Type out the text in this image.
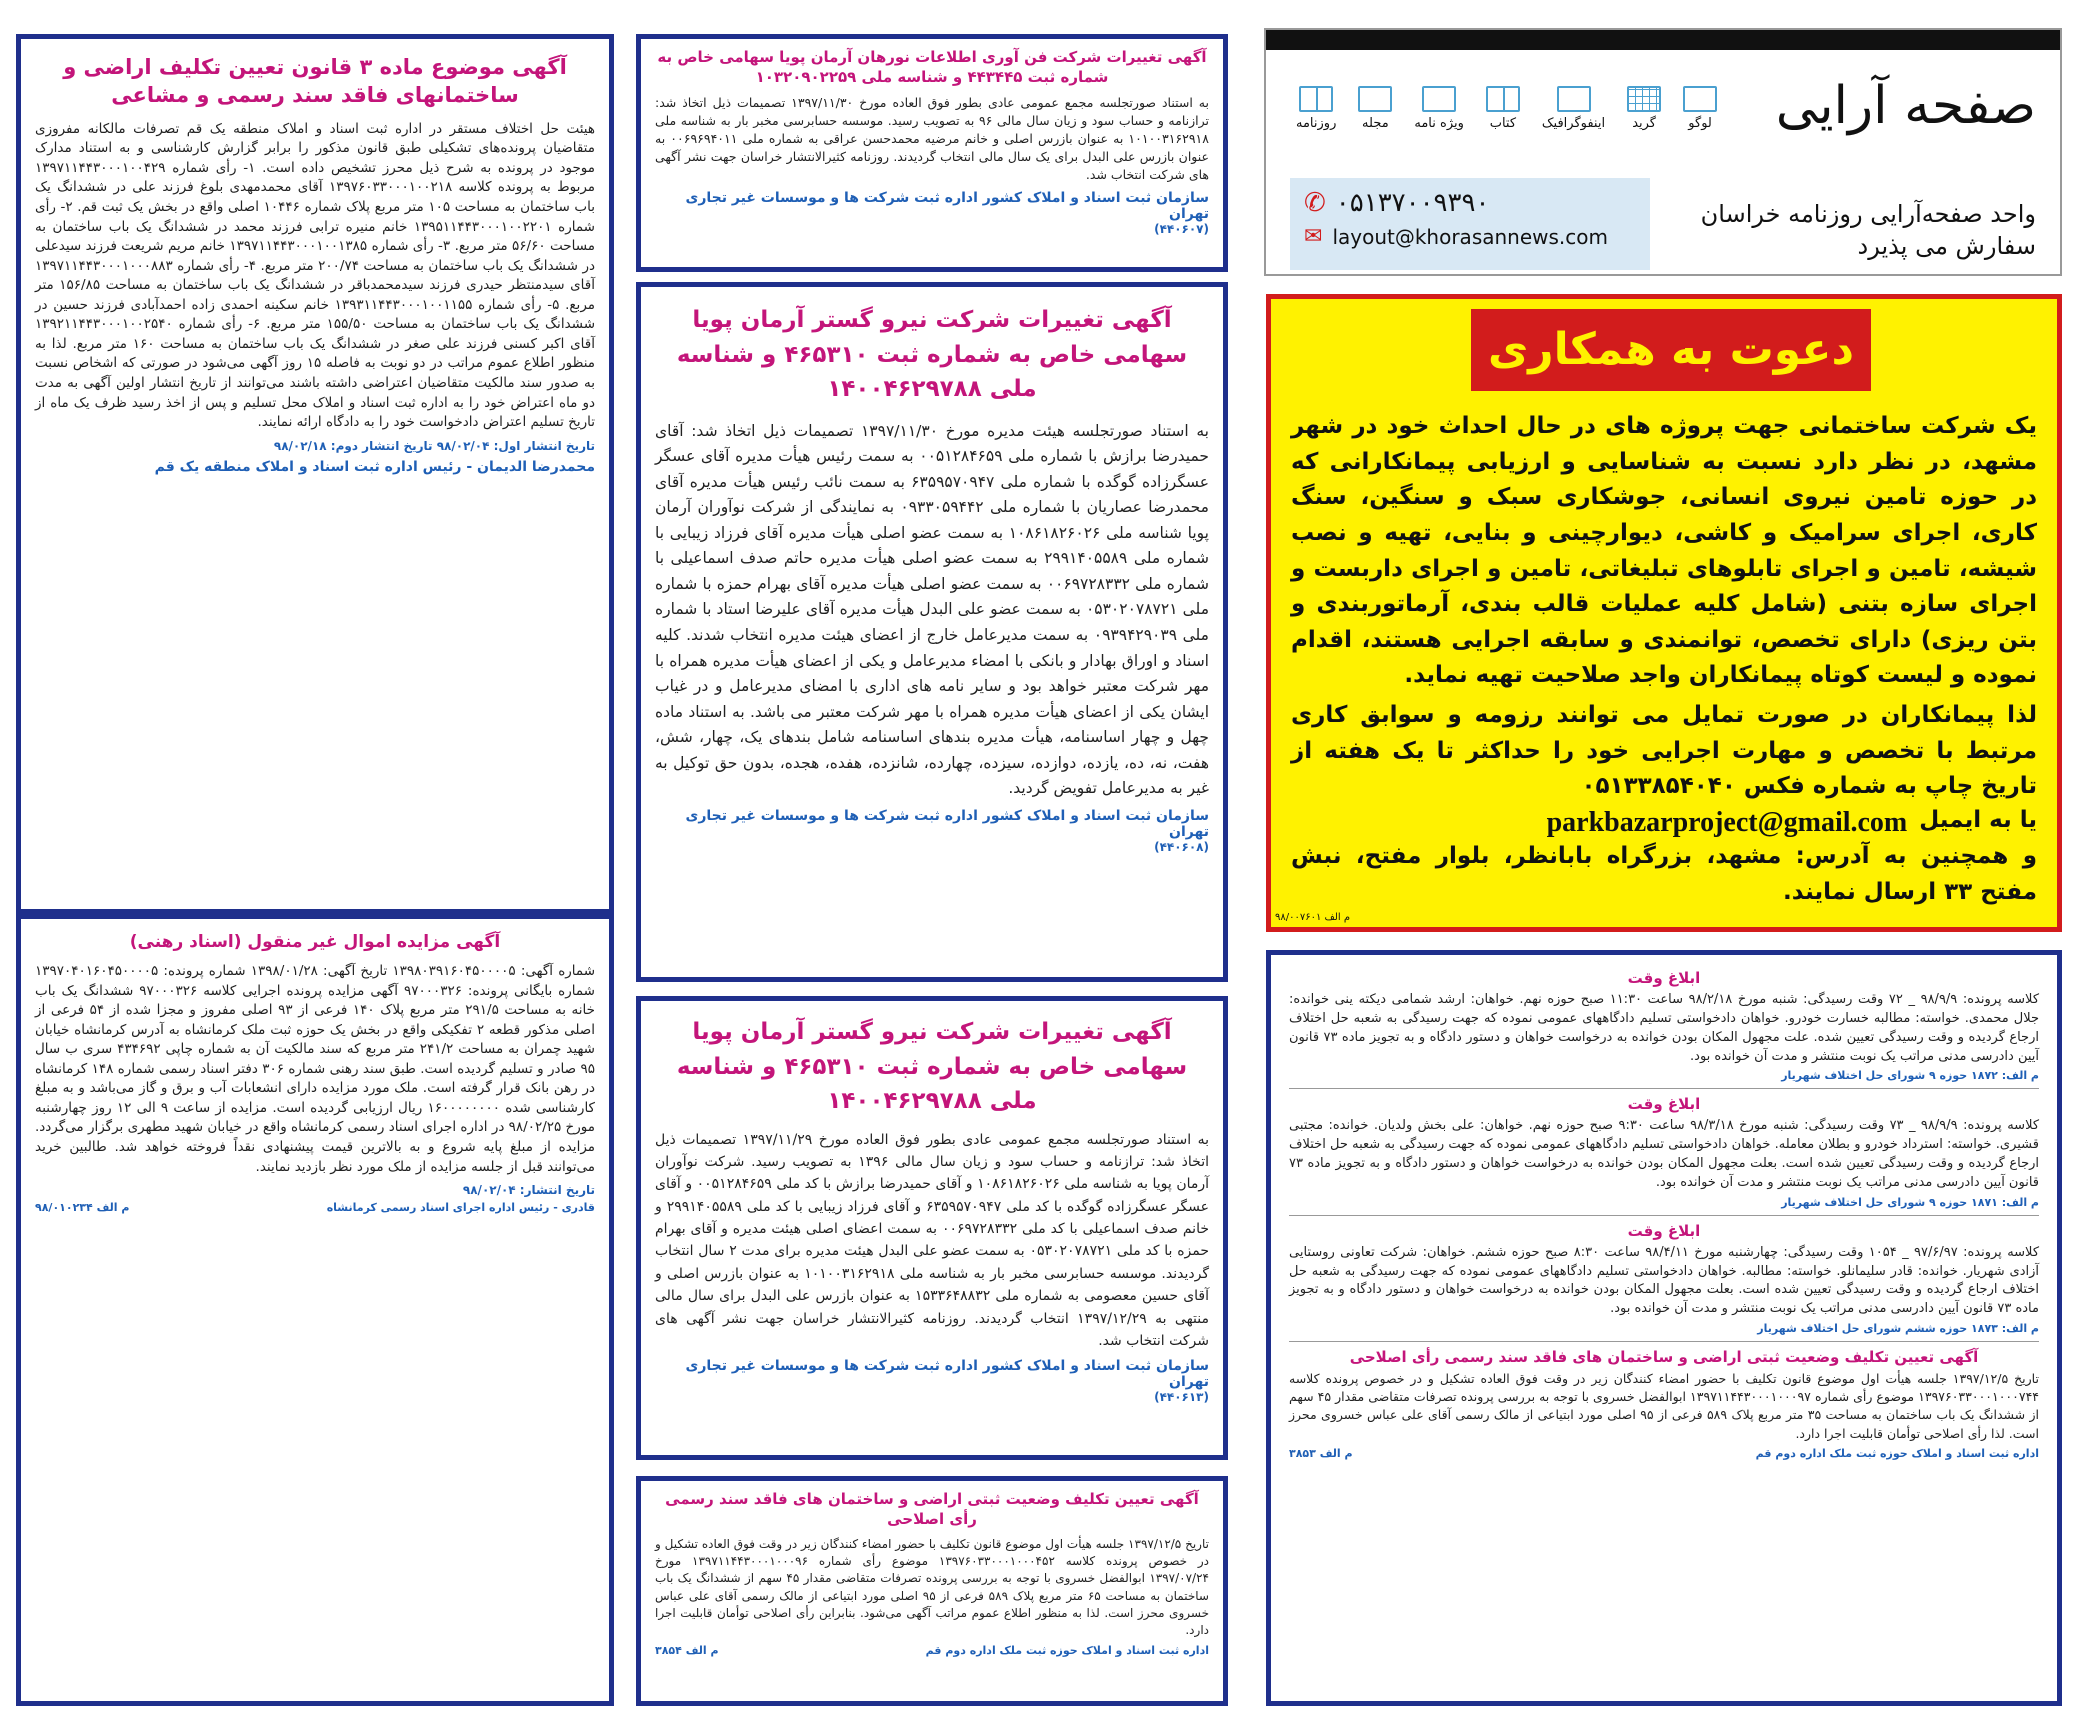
آگهی موضوع ماده ۳ قانون تعیین تکلیف اراضی و ساختمانهای فاقد سند رسمی و مشاعی
هیئت حل اختلاف مستقر در اداره ثبت اسناد و املاک منطقه یک قم تصرفات مالکانه مفروزی متقاضیان پرونده‌های تشکیلی طبق قانون مذکور را برابر گزارش کارشناسی و به استناد مدارک موجود در پرونده به شرح ذیل محرز تشخیص داده است. ۱- رأی شماره ۱۳۹۷۱۱۴۴۳۰۰۰۱۰۰۴۲۹ مربوط به پرونده کلاسه ۱۳۹۷۶۰۳۳۰۰۰۱۰۰۲۱۸ آقای محمدمهدی بلوغ فرزند علی در ششدانگ یک باب ساختمان به مساحت ۱۰۵ متر مربع پلاک شماره ۱۰۴۴۶ اصلی واقع در بخش یک ثبت قم. ۲- رأی شماره ۱۳۹۵۱۱۴۴۳۰۰۰۱۰۰۲۲۰۱ خانم منیره ترابی فرزند محمد در ششدانگ یک باب ساختمان به مساحت ۵۶/۶۰ متر مربع. ۳- رأی شماره ۱۳۹۷۱۱۴۴۳۰۰۰۱۰۰۱۳۸۵ خانم مریم شریعت فرزند سیدعلی در ششدانگ یک باب ساختمان به مساحت ۲۰۰/۷۴ متر مربع. ۴- رأی شماره ۱۳۹۷۱۱۴۴۳۰۰۰۱۰۰۰۸۸۳ آقای سیدمنتظر حیدری فرزند سیدمحمدباقر در ششدانگ یک باب ساختمان به مساحت ۱۵۶/۸۵ متر مربع. ۵- رأی شماره ۱۳۹۳۱۱۴۴۳۰۰۰۱۰۰۱۱۵۵ خانم سکینه احمدی زاده احمدآبادی فرزند حسین در ششدانگ یک باب ساختمان به مساحت ۱۵۵/۵۰ متر مربع. ۶- رأی شماره ۱۳۹۲۱۱۴۴۳۰۰۰۱۰۰۲۵۴۰ آقای اکبر کسنی فرزند علی صغر در ششدانگ یک باب ساختمان به مساحت ۱۶۰ متر مربع. لذا به منظور اطلاع عموم مراتب در دو نوبت به فاصله ۱۵ روز آگهی می‌شود در صورتی که اشخاص نسبت به صدور سند مالکیت متقاضیان اعتراضی داشته باشند می‌توانند از تاریخ انتشار اولین آگهی به مدت دو ماه اعتراض خود را به اداره ثبت اسناد و املاک محل تسلیم و پس از اخذ رسید ظرف یک ماه از تاریخ تسلیم اعتراض دادخواست خود را به دادگاه ارائه نمایند.
تاریخ انتشار اول: ۹۸/۰۲/۰۴ تاریخ انتشار دوم: ۹۸/۰۲/۱۸
محمدرضا الدیمان - رئیس اداره ثبت اسناد و املاک منطقه یک قم
آگهی مزایده اموال غیر منقول (اسناد رهنی)
شماره آگهی: ۱۳۹۸۰۳۹۱۶۰۴۵۰۰۰۰۵ تاریخ آگهی: ۱۳۹۸/۰۱/۲۸ شماره پرونده: ۱۳۹۷۰۴۰۱۶۰۴۵۰۰۰۰۵ شماره بایگانی پرونده: ۹۷۰۰۰۳۲۶ آگهی مزایده پرونده اجرایی کلاسه ۹۷۰۰۰۳۲۶ ششدانگ یک باب خانه به مساحت ۲۹۱/۵ متر مربع پلاک ۱۴۰ فرعی از ۹۳ اصلی مفروز و مجزا شده از ۵۴ فرعی از اصلی مذکور قطعه ۲ تفکیکی واقع در بخش یک حوزه ثبت ملک کرمانشاه به آدرس کرمانشاه خیابان شهید چمران به مساحت ۲۴۱/۲ متر مربع که سند مالکیت آن به شماره چاپی ۴۳۴۶۹۲ سری ب سال ۹۵ صادر و تسلیم گردیده است. طبق سند رهنی شماره ۳۰۶ دفتر اسناد رسمی شماره ۱۴۸ کرمانشاه در رهن بانک قرار گرفته است. ملک مورد مزایده دارای انشعابات آب و برق و گاز می‌باشد و به مبلغ کارشناسی شده ۱۶۰۰۰۰۰۰۰۰ ریال ارزیابی گردیده است. مزایده از ساعت ۹ الی ۱۲ روز چهارشنبه مورخ ۹۸/۰۲/۲۵ در اداره اجرای اسناد رسمی کرمانشاه واقع در خیابان شهید مطهری برگزار می‌گردد. مزایده از مبلغ پایه شروع و به بالاترین قیمت پیشنهادی نقداً فروخته خواهد شد. طالبین خرید می‌توانند قبل از جلسه مزایده از ملک مورد نظر بازدید نمایند.
تاریخ انتشار: ۹۸/۰۲/۰۴
قادری - رئیس اداره اجرای اسناد رسمی کرمانشاه
م الف ۹۸/۰۱۰۲۳۴
آگهی تغییرات شرکت فن آوری اطلاعات نورهان آرمان پویا سهامی خاص به شماره ثبت ۴۴۳۴۴۵ و شناسه ملی ۱۰۳۲۰۹۰۲۲۵۹
به استناد صورتجلسه مجمع عمومی عادی بطور فوق العاده مورخ ۱۳۹۷/۱۱/۳۰ تصمیمات ذیل اتخاذ شد: ترازنامه و حساب سود و زیان سال مالی ۹۶ به تصویب رسید. موسسه حسابرسی مخبر بار به شناسه ملی ۱۰۱۰۰۳۱۶۲۹۱۸ به عنوان بازرس اصلی و خانم مرضیه محمدحسن عراقی به شماره ملی ۰۰۶۹۶۹۴۰۱۱ به عنوان بازرس علی البدل برای یک سال مالی انتخاب گردیدند. روزنامه کثیرالانتشار خراسان جهت نشر آگهی های شرکت انتخاب شد.
سازمان ثبت اسناد و املاک کشور اداره ثبت شرکت ها و موسسات غیر تجاری تهران
(۴۴۰۶۰۷)
آگهی تغییرات شرکت نیرو گستر آرمان پویا سهامی خاص به شماره ثبت ۴۶۵۳۱۰ و شناسه ملی ۱۴۰۰۴۶۲۹۷۸۸
به استناد صورتجلسه هیئت مدیره مورخ ۱۳۹۷/۱۱/۳۰ تصمیمات ذیل اتخاذ شد: آقای حمیدرضا برازش با شماره ملی ۰۰۵۱۲۸۴۶۵۹ به سمت رئیس هیأت مدیره آقای عسگر عسگرزاده گوگده با شماره ملی ۶۳۵۹۵۷۰۹۴۷ به سمت نائب رئیس هیأت مدیره آقای محمدرضا عصاریان با شماره ملی ۰۹۳۳۰۵۹۴۴۲ به نمایندگی از شرکت نوآوران آرمان پویا شناسه ملی ۱۰۸۶۱۸۲۶۰۲۶ به سمت عضو اصلی هیأت مدیره آقای فرزاد زیبایی با شماره ملی ۲۹۹۱۴۰۵۵۸۹ به سمت عضو اصلی هیأت مدیره حاتم صدف اسماعیلی با شماره ملی ۰۰۶۹۷۲۸۳۳۲ به سمت عضو اصلی هیأت مدیره آقای بهرام حمزه با شماره ملی ۰۵۳۰۲۰۷۸۷۲۱ به سمت عضو علی البدل هیأت مدیره آقای علیرضا استاد با شماره ملی ۰۹۳۹۴۲۹۰۳۹ به سمت مدیرعامل خارج از اعضای هیئت مدیره انتخاب شدند. کلیه اسناد و اوراق بهادار و بانکی با امضاء مدیرعامل و یکی از اعضای هیأت مدیره همراه با مهر شرکت معتبر خواهد بود و سایر نامه های اداری با امضای مدیرعامل و در غیاب ایشان یکی از اعضای هیأت مدیره همراه با مهر شرکت معتبر می باشد. به استناد ماده چهل و چهار اساسنامه، هیأت مدیره بندهای اساسنامه شامل بندهای یک، چهار، شش، هفت، نه، ده، یازده، دوازده، سیزده، چهارده، شانزده، هفده، هجده، بدون حق توکیل به غیر به مدیرعامل تفویض گردید.
سازمان ثبت اسناد و املاک کشور اداره ثبت شرکت ها و موسسات غیر تجاری تهران
(۴۴۰۶۰۸)
آگهی تغییرات شرکت نیرو گستر آرمان پویا سهامی خاص به شماره ثبت ۴۶۵۳۱۰ و شناسه ملی ۱۴۰۰۴۶۲۹۷۸۸
به استناد صورتجلسه مجمع عمومی عادی بطور فوق العاده مورخ ۱۳۹۷/۱۱/۲۹ تصمیمات ذیل اتخاذ شد: ترازنامه و حساب سود و زیان سال مالی ۱۳۹۶ به تصویب رسید. شرکت نوآوران آرمان پویا به شناسه ملی ۱۰۸۶۱۸۲۶۰۲۶ و آقای حمیدرضا برازش با کد ملی ۰۰۵۱۲۸۴۶۵۹ و آقای عسگر عسگرزاده گوگده با کد ملی ۶۳۵۹۵۷۰۹۴۷ و آقای فرزاد زیبایی با کد ملی ۲۹۹۱۴۰۵۵۸۹ و خانم صدف اسماعیلی با کد ملی ۰۰۶۹۷۲۸۳۳۲ به سمت اعضای اصلی هیئت مدیره و آقای بهرام حمزه با کد ملی ۰۵۳۰۲۰۷۸۷۲۱ به سمت عضو علی البدل هیئت مدیره برای مدت ۲ سال انتخاب گردیدند. موسسه حسابرسی مخبر بار به شناسه ملی ۱۰۱۰۰۳۱۶۲۹۱۸ به عنوان بازرس اصلی و آقای حسین معصومی به شماره ملی ۱۵۳۳۶۴۸۸۳۲ به عنوان بازرس علی البدل برای سال مالی منتهی به ۱۳۹۷/۱۲/۲۹ انتخاب گردیدند. روزنامه کثیرالانتشار خراسان جهت نشر آگهی های شرکت انتخاب شد.
سازمان ثبت اسناد و املاک کشور اداره ثبت شرکت ها و موسسات غیر تجاری تهران
(۴۴۰۶۱۳)
آگهی تعیین تکلیف وضعیت ثبتی اراضی و ساختمان های فاقد سند رسمی رأی اصلاحی
تاریخ ۱۳۹۷/۱۲/۵ جلسه هیأت اول موضوع قانون تکلیف با حضور امضاء کنندگان زیر در وقت فوق العاده تشکیل و در خصوص پرونده کلاسه ۱۳۹۷۶۰۳۳۰۰۰۱۰۰۰۴۵۲ موضوع رأی شماره ۱۳۹۷۱۱۴۴۳۰۰۰۱۰۰۰۹۶ مورخ ۱۳۹۷/۰۷/۲۴ ابوالفضل خسروی با توجه به بررسی پرونده تصرفات متقاضی مقدار ۴۵ سهم از ششدانگ یک باب ساختمان به مساحت ۶۵ متر مربع پلاک ۵۸۹ فرعی از ۹۵ اصلی مورد ابتیاعی از مالک رسمی آقای علی عباس خسروی محرز است. لذا به منظور اطلاع عموم مراتب آگهی می‌شود. بنابراین رأی اصلاحی توأمان قابلیت اجرا دارد.
اداره ثبت اسناد و املاک حوزه ثبت ملک اداره دوم قم
م الف ۳۸۵۴
صفحه آرایی
لوگو
گرید
اینفوگرافیک
کتاب
ویژه نامه
مجله
روزنامه
✆ ۰۵۱۳۷۰۰۹۳۹۰
✉ layout@khorasannews.com
واحد صفحه‌آرایی روزنامه خراسان
سفارش می پذیرد
دعوت به همکاری
یک شرکت ساختمانی جهت پروژه های در حال احداث خود در شهر مشهد، در نظر دارد نسبت به شناسایی و ارزیابی پیمانکارانی که در حوزه تامین نیروی انسانی، جوشکاری سبک و سنگین، سنگ کاری، اجرای سرامیک و کاشی، دیوارچینی و بنایی، تهیه و نصب شیشه، تامین و اجرای تابلوهای تبلیغاتی، تامین و اجرای داربست و اجرای سازه بتنی (شامل کلیه عملیات قالب بندی، آرماتوربندی و بتن ریزی) دارای تخصص، توانمندی و سابقه اجرایی هستند، اقدام نموده و لیست کوتاه پیمانکاران واجد صلاحیت تهیه نماید.
لذا پیمانکاران در صورت تمایل می توانند رزومه و سوابق کاری مرتبط با تخصص و مهارت اجرایی خود را حداکثر تا یک هفته از تاریخ چاپ به شماره فکس ۰۵۱۳۳۸۵۴۰۴۰
یا به ایمیل
parkbazarproject@gmail.com
و همچنین به آدرس: مشهد، بزرگراه بابانظر، بلوار مفتح، نبش مفتح ۳۳ ارسال نمایند.
م الف ۹۸/۰۰۷۶۰۱
ابلاغ وقت
کلاسه پرونده: ۹۸/۹/۹ _ ۷۲ وقت رسیدگی: شنبه مورخ ۹۸/۲/۱۸ ساعت ۱۱:۳۰ صبح حوزه نهم. خواهان: ارشد شمامی دیکته ینی خوانده: جلال محمدی. خواسته: مطالبه خسارت خودرو. خواهان دادخواستی تسلیم دادگاههای عمومی نموده که جهت رسیدگی به شعبه حل اختلاف ارجاع گردیده و وقت رسیدگی تعیین شده. علت مجهول المکان بودن خوانده به درخواست خواهان و دستور دادگاه و به تجویز ماده ۷۳ قانون آیین دادرسی مدنی مراتب یک نوبت منتشر و مدت آن خوانده بود.
م الف: ۱۸۷۲ حوزه ۹ شورای حل اختلاف شهریار
ابلاغ وقت
کلاسه پرونده: ۹۸/۹/۹ _ ۷۳ وقت رسیدگی: شنبه مورخ ۹۸/۳/۱۸ ساعت ۹:۳۰ صبح حوزه نهم. خواهان: علی بخش ولدیان. خوانده: مجتبی قشیری. خواسته: استرداد خودرو و بطلان معامله. خواهان دادخواستی تسلیم دادگاههای عمومی نموده که جهت رسیدگی به شعبه حل اختلاف ارجاع گردیده و وقت رسیدگی تعیین شده است. بعلت مجهول المکان بودن خوانده به درخواست خواهان و دستور دادگاه و به تجویز ماده ۷۳ قانون آیین دادرسی مدنی مراتب یک نوبت منتشر و مدت آن خوانده بود.
م الف: ۱۸۷۱ حوزه ۹ شورای حل اختلاف شهریار
ابلاغ وقت
کلاسه پرونده: ۹۷/۶/۹۷ _ ۱۰۵۴ وقت رسیدگی: چهارشنبه مورخ ۹۸/۴/۱۱ ساعت ۸:۳۰ صبح حوزه ششم. خواهان: شرکت تعاونی روستایی آزادی شهریار. خوانده: قادر سلیمانلو. خواسته: مطالبه. خواهان دادخواستی تسلیم دادگاههای عمومی نموده که جهت رسیدگی به شعبه حل اختلاف ارجاع گردیده و وقت رسیدگی تعیین شده است. بعلت مجهول المکان بودن خوانده به درخواست خواهان و دستور دادگاه و به تجویز ماده ۷۳ قانون آیین دادرسی مدنی مراتب یک نوبت منتشر و مدت آن خوانده بود.
م الف: ۱۸۷۳ حوزه ششم شورای حل اختلاف شهریار
آگهی تعیین تکلیف وضعیت ثبتی اراضی و ساختمان های فاقد سند رسمی رأی اصلاحی
تاریخ ۱۳۹۷/۱۲/۵ جلسه هیأت اول موضوع قانون تکلیف با حضور امضاء کنندگان زیر در وقت فوق العاده تشکیل و در خصوص پرونده کلاسه ۱۳۹۷۶۰۳۳۰۰۰۱۰۰۰۷۴۴ موضوع رأی شماره ۱۳۹۷۱۱۴۴۳۰۰۰۱۰۰۰۹۷ ابوالفضل خسروی با توجه به بررسی پرونده تصرفات متقاضی مقدار ۴۵ سهم از ششدانگ یک باب ساختمان به مساحت ۳۵ متر مربع پلاک ۵۸۹ فرعی از ۹۵ اصلی مورد ابتیاعی از مالک رسمی آقای علی عباس خسروی محرز است. لذا رأی اصلاحی توأمان قابلیت اجرا دارد.
اداره ثبت اسناد و املاک حوزه ثبت ملک اداره دوم قم
م الف ۳۸۵۳
